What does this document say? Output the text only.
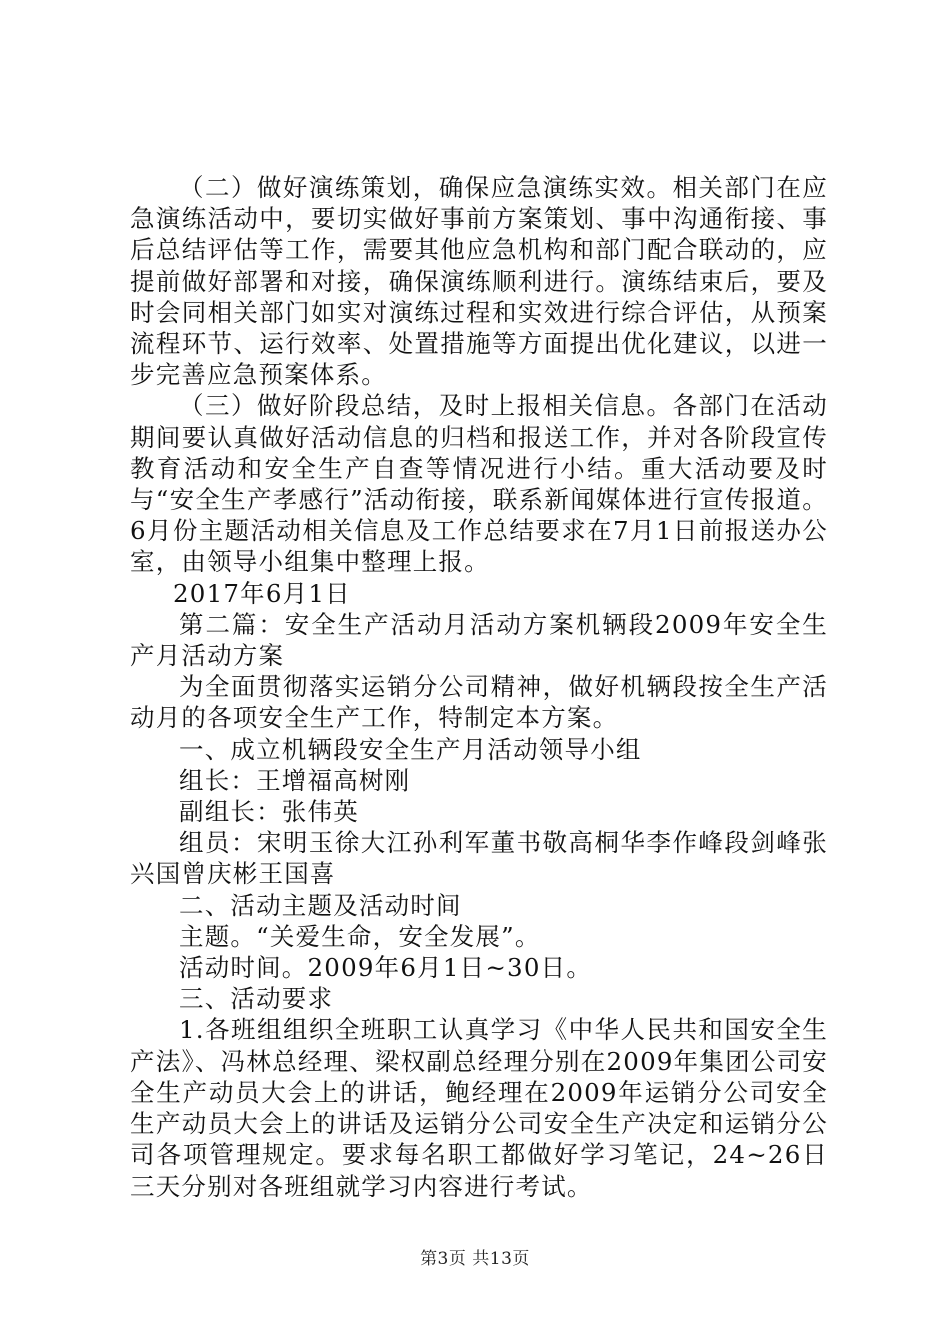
（二）做好演练策划，确保应急演练实效。相关部门在应急演练活动中，要切实做好事前方案策划、事中沟通衔接、事后总结评估等工作，需要其他应急机构和部门配合联动的，应提前做好部署和对接，确保演练顺利进行。演练结束后，要及时会同相关部门如实对演练过程和实效进行综合评估，从预案流程环节、运行效率、处置措施等方面提出优化建议，以进一步完善应急预案体系。

（三）做好阶段总结，及时上报相关信息。各部门在活动期间要认真做好活动信息的归档和报送工作，并对各阶段宣传教育活动和安全生产自查等情况进行小结。重大活动要及时与“安全生产孝感行”活动衔接，联系新闻媒体进行宣传报道。6月份主题活动相关信息及工作总结要求在7月1日前报送办公室，由领导小组集中整理上报。

2017年6月1日

第二篇：安全生产活动月活动方案机辆段2009年安全生产月活动方案

为全面贯彻落实运销分公司精神，做好机辆段按全生产活动月的各项安全生产工作，特制定本方案。

一、成立机辆段安全生产月活动领导小组

组长：王增福高树刚

副组长：张伟英

组员：宋明玉徐大江孙利军董书敬高桐华李作峰段剑峰张兴国曾庆彬王国喜

二、活动主题及活动时间

主题。“关爱生命，安全发展”。

活动时间。2009年6月1日~30日。

三、活动要求

1.各班组组织全班职工认真学习《中华人民共和国安全生产法》、冯林总经理、梁权副总经理分别在2009年集团公司安全生产动员大会上的讲话，鲍经理在2009年运销分公司安全生产动员大会上的讲话及运销分公司安全生产决定和运销分公司各项管理规定。要求每名职工都做好学习笔记，24~26日三天分别对各班组就学习内容进行考试。

第3页 共13页
